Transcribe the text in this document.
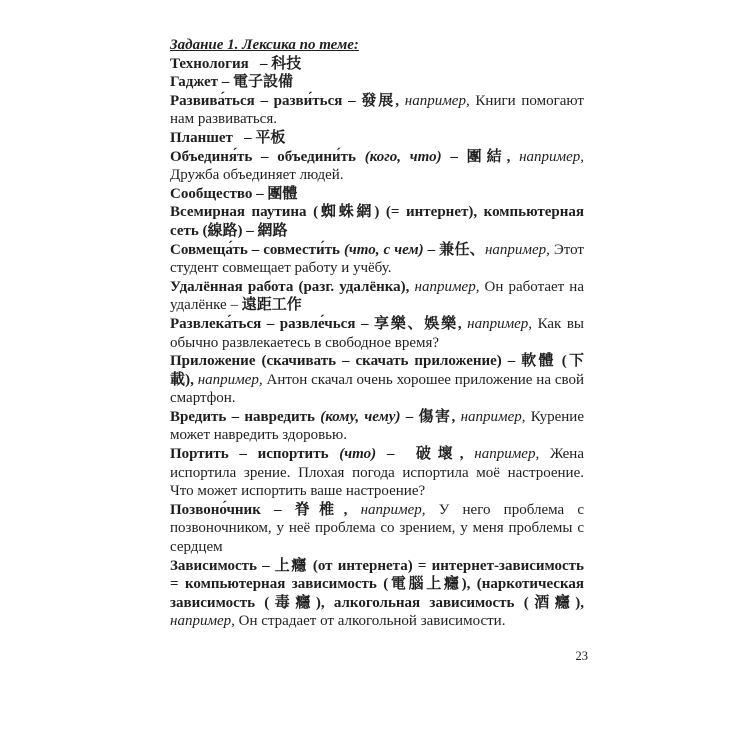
Задание 1. Лексика по теме:

Технология   – 科技

Гаджет – 電子設備

Развива́ться – разви́ться – 發展, например, Книги помогают нам развиваться.

Планшет   – 平板

Объединя́ть – объедини́ть (кого, что) – 團結, например, Дружба объединяет людей.

Сообщество – 團體

Всемирная паутина (蜘蛛網) (= интернет), компьютерная сеть (線路) – 網路

Совмеща́ть – совмести́ть (что, с чем) – 兼任、например, Этот студент совмещает работу и учёбу.

Удалённая работа (разг. удалёнка), например, Он работает на удалёнке – 遠距工作

Развлека́ться – развле́чься – 享樂、娛樂, например, Как вы обычно развлекаетесь в свободное время?

Приложение (скачивать – скачать приложение) – 軟體 (下載), например, Антон скачал очень хорошее приложение на свой смартфон.

Вредить – навредить (кому, чему) – 傷害, например, Курение может навредить здоровью.

Портить – испортить (что) –  破壞, например, Жена испортила зрение. Плохая погода испортила моё настроение. Что может испортить ваше настроение?

Позвоно́чник – 脊椎, например, У него проблема с позвоночником, у неё проблема со зрением, у меня проблемы с сердцем

Зависимость – 上癮 (от интернета) = интернет-зависимость = компьютерная зависимость (電腦上癮), (наркотическая зависимость (毒癮), алкогольная зависимость (酒癮), например, Он страдает от алкогольной зависимости.

23
